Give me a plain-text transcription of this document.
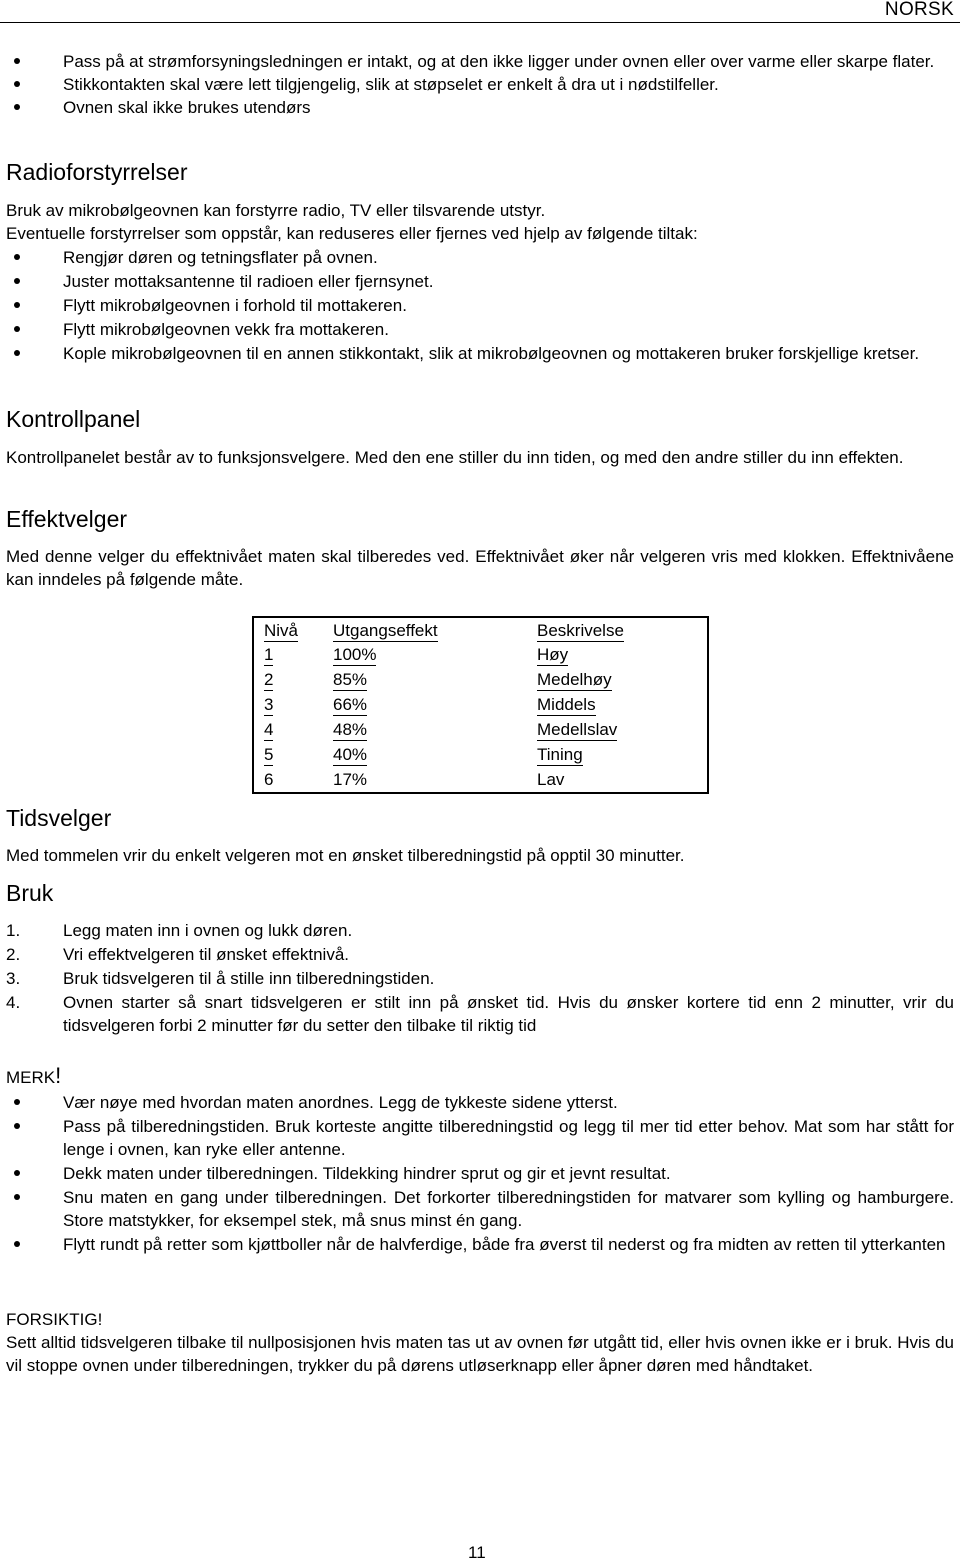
NORSK
Pass på at strømforsyningsledningen er intakt, og at den ikke ligger under ovnen eller over varme eller skarpe flater.
Stikkontakten skal være lett tilgjengelig, slik at støpselet er enkelt å dra ut i nødstilfeller.
Ovnen skal ikke brukes utendørs
Radioforstyrrelser
Bruk av mikrobølgeovnen kan forstyrre radio, TV eller tilsvarende utstyr.
Eventuelle forstyrrelser som oppstår, kan reduseres eller fjernes ved hjelp av følgende tiltak:
Rengjør døren og tetningsflater på ovnen.
Juster mottaksantenne til radioen eller fjernsynet.
Flytt mikrobølgeovnen i forhold til mottakeren.
Flytt mikrobølgeovnen vekk fra mottakeren.
Kople mikrobølgeovnen til en annen stikkontakt, slik at mikrobølgeovnen og mottakeren bruker forskjellige kretser.
Kontrollpanel
Kontrollpanelet består av to funksjonsvelgere. Med den ene stiller du inn tiden, og med den andre stiller du inn effekten.
Effektvelger
Med denne velger du effektnivået maten skal tilberedes ved. Effektnivået øker når velgeren vris med klokken. Effektnivåene kan inndeles på følgende måte.
Nivå	Utgangseffekt	Beskrivelse
1	100%	Høy
2	85%	Medelhøy
3	66%	Middels
4	48%	Medellslav
5	40%	Tining
6	17%	Lav
Tidsvelger
Med tommelen vrir du enkelt velgeren mot en ønsket tilberedningstid på opptil 30 minutter.
Bruk
1.	Legg maten inn i ovnen og lukk døren.
2.	Vri effektvelgeren til ønsket effektnivå.
3.	Bruk tidsvelgeren til å stille inn tilberedningstiden.
4.	Ovnen starter så snart tidsvelgeren er stilt inn på ønsket tid. Hvis du ønsker kortere tid enn 2 minutter, vrir du tidsvelgeren forbi 2 minutter før du setter den tilbake til riktig tid
MERK!
Vær nøye med hvordan maten anordnes. Legg de tykkeste sidene ytterst.
Pass på tilberedningstiden. Bruk korteste angitte tilberedningstid og legg til mer tid etter behov. Mat som har stått for lenge i ovnen, kan ryke eller antenne.
Dekk maten under tilberedningen. Tildekking hindrer sprut og gir et jevnt resultat.
Snu maten en gang under tilberedningen. Det forkorter tilberedningstiden for matvarer som kylling og hamburgere. Store matstykker, for eksempel stek, må snus minst én gang.
Flytt rundt på retter som kjøttboller når de halvferdige, både fra øverst til nederst og fra midten av retten til ytterkanten
FORSIKTIG!
Sett alltid tidsvelgeren tilbake til nullposisjonen hvis maten tas ut av ovnen før utgått tid, eller hvis ovnen ikke er i bruk. Hvis du vil stoppe ovnen under tilberedningen, trykker du på dørens utløserknapp eller åpner døren med håndtaket.
11
